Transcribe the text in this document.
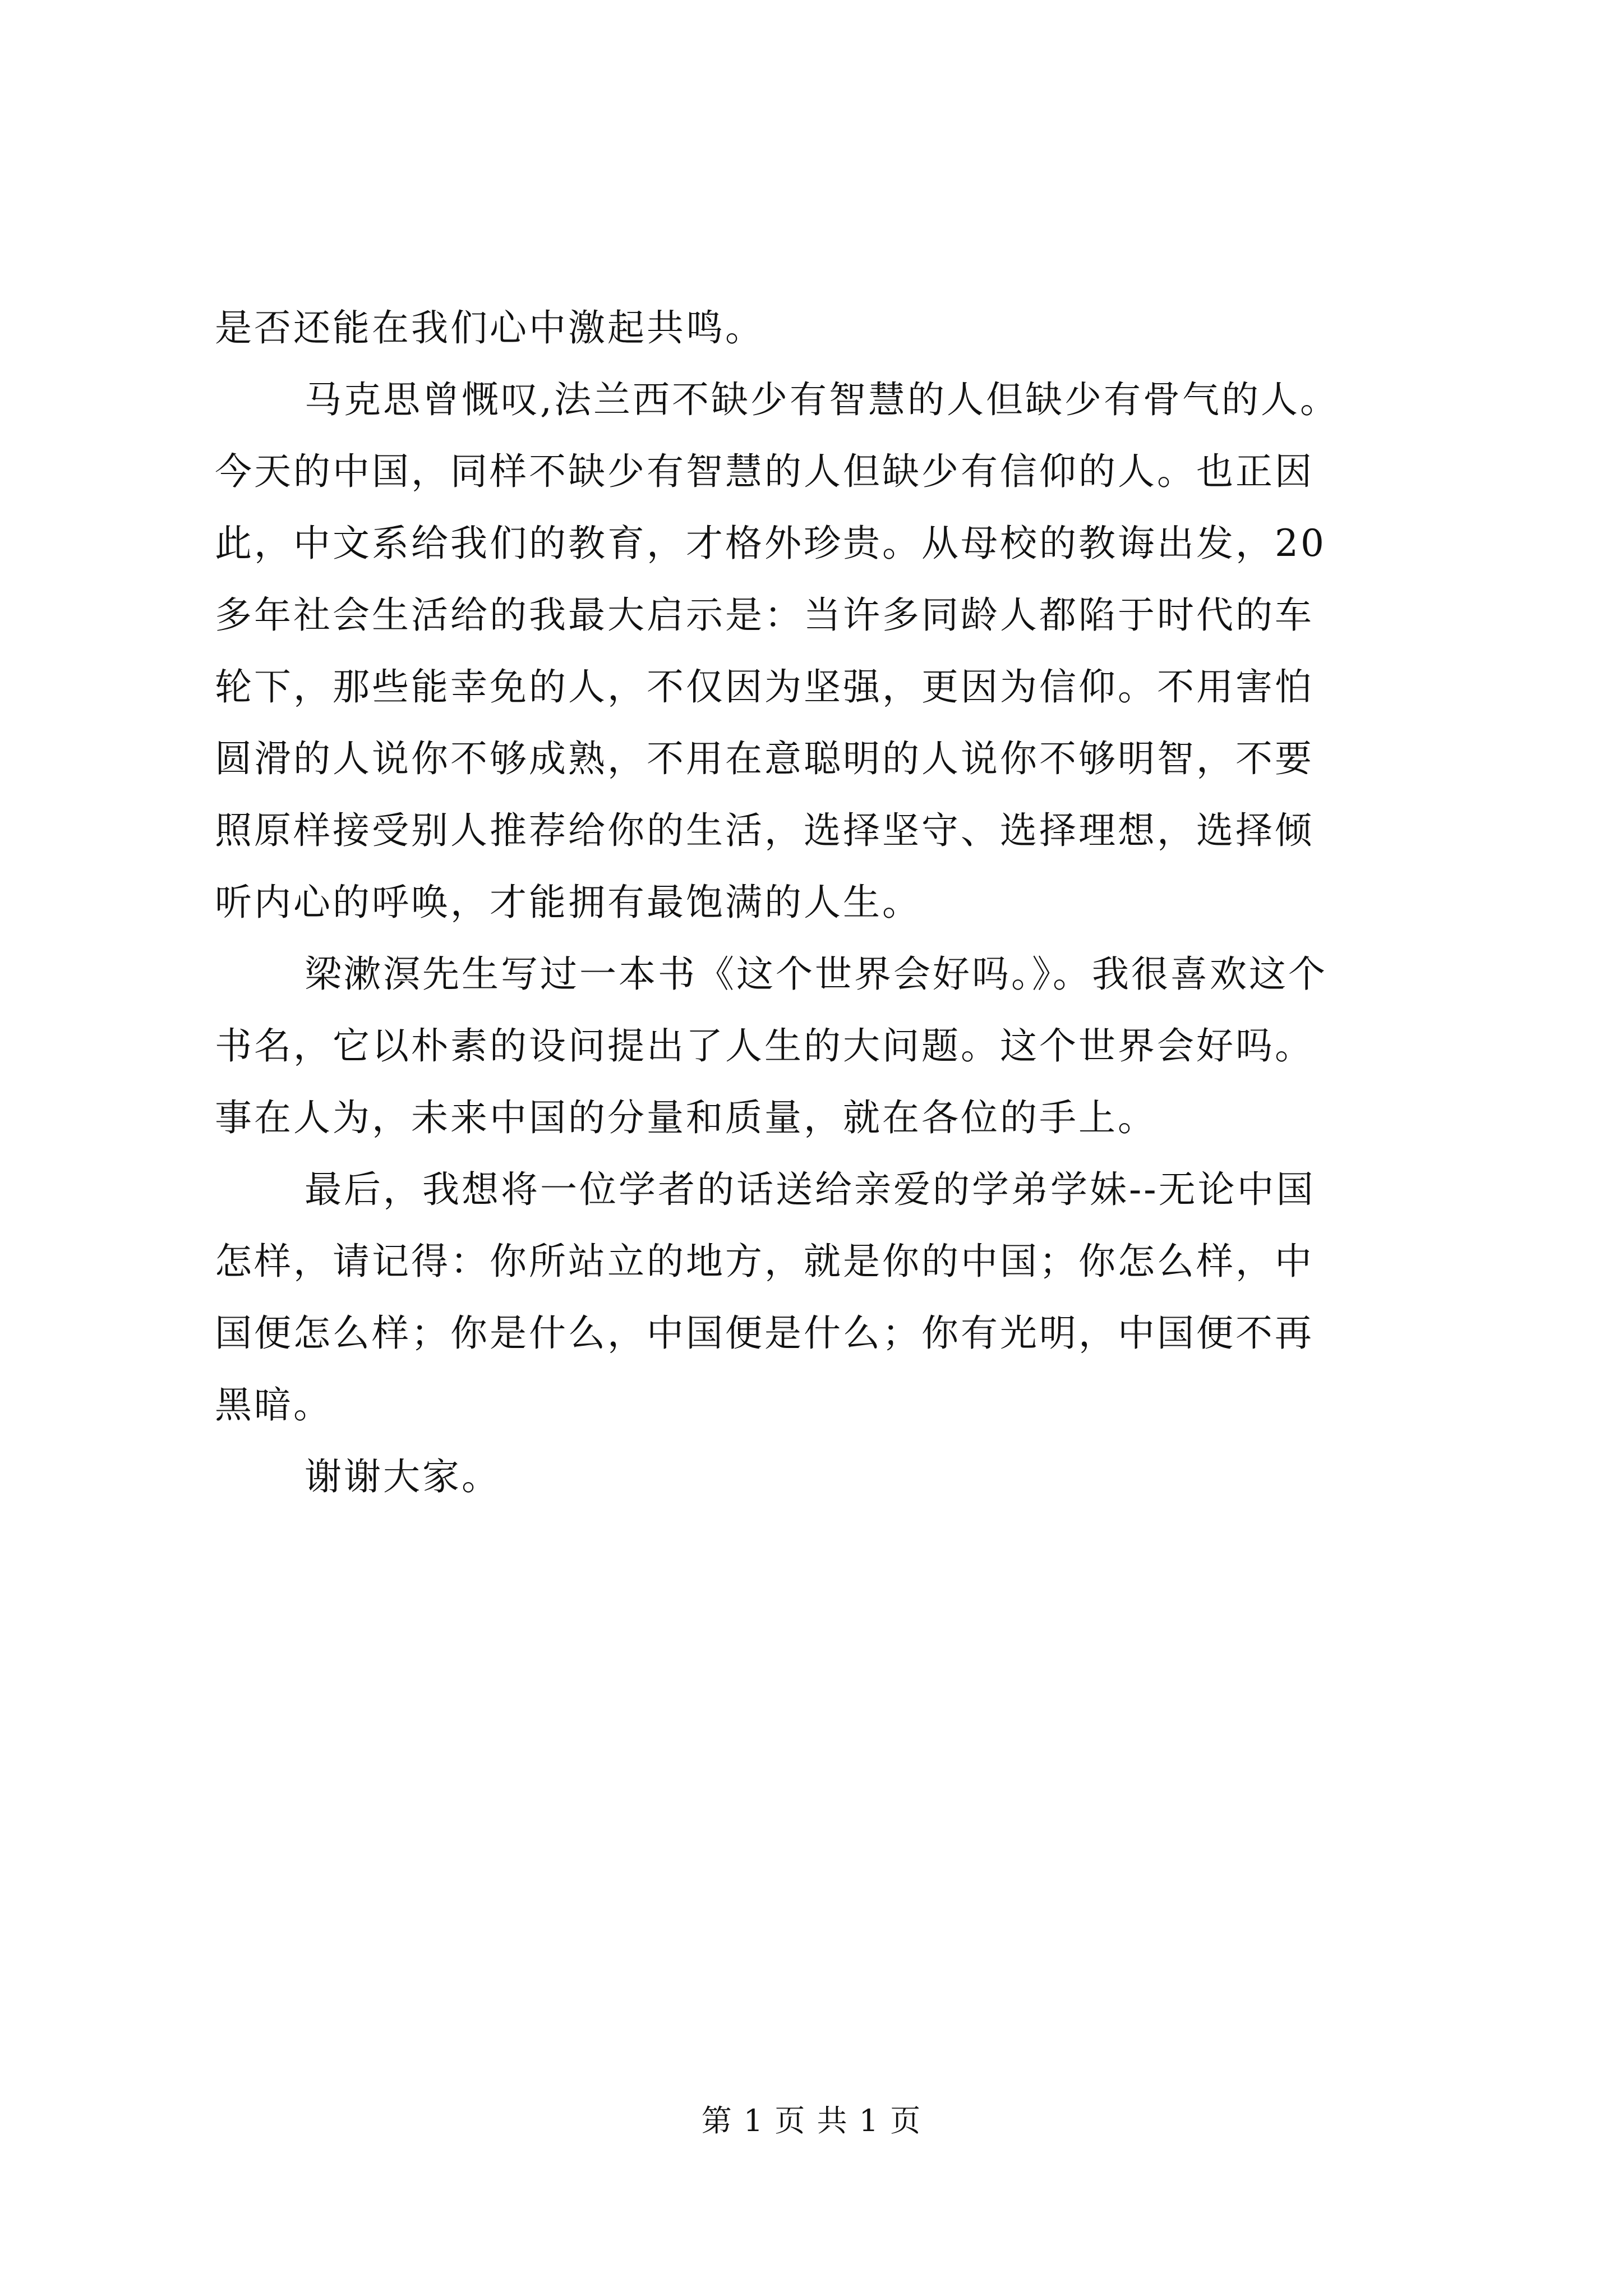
是否还能在我们心中激起共鸣。
马克思曾慨叹,法兰西不缺少有智慧的人但缺少有骨气的人。
今天的中国，同样不缺少有智慧的人但缺少有信仰的人。也正因
此，中文系给我们的教育，才格外珍贵。从母校的教诲出发，20
多年社会生活给的我最大启示是：当许多同龄人都陷于时代的车
轮下，那些能幸免的人，不仅因为坚强，更因为信仰。不用害怕
圆滑的人说你不够成熟，不用在意聪明的人说你不够明智，不要
照原样接受别人推荐给你的生活，选择坚守、选择理想，选择倾
听内心的呼唤，才能拥有最饱满的人生。
梁漱溟先生写过一本书《这个世界会好吗。》。我很喜欢这个
书名，它以朴素的设问提出了人生的大问题。这个世界会好吗。
事在人为，未来中国的分量和质量，就在各位的手上。
最后，我想将一位学者的话送给亲爱的学弟学妹--无论中国
怎样，请记得：你所站立的地方，就是你的中国；你怎么样，中
国便怎么样；你是什么，中国便是什么；你有光明，中国便不再
黑暗。
谢谢大家。
第 1 页 共 1 页
